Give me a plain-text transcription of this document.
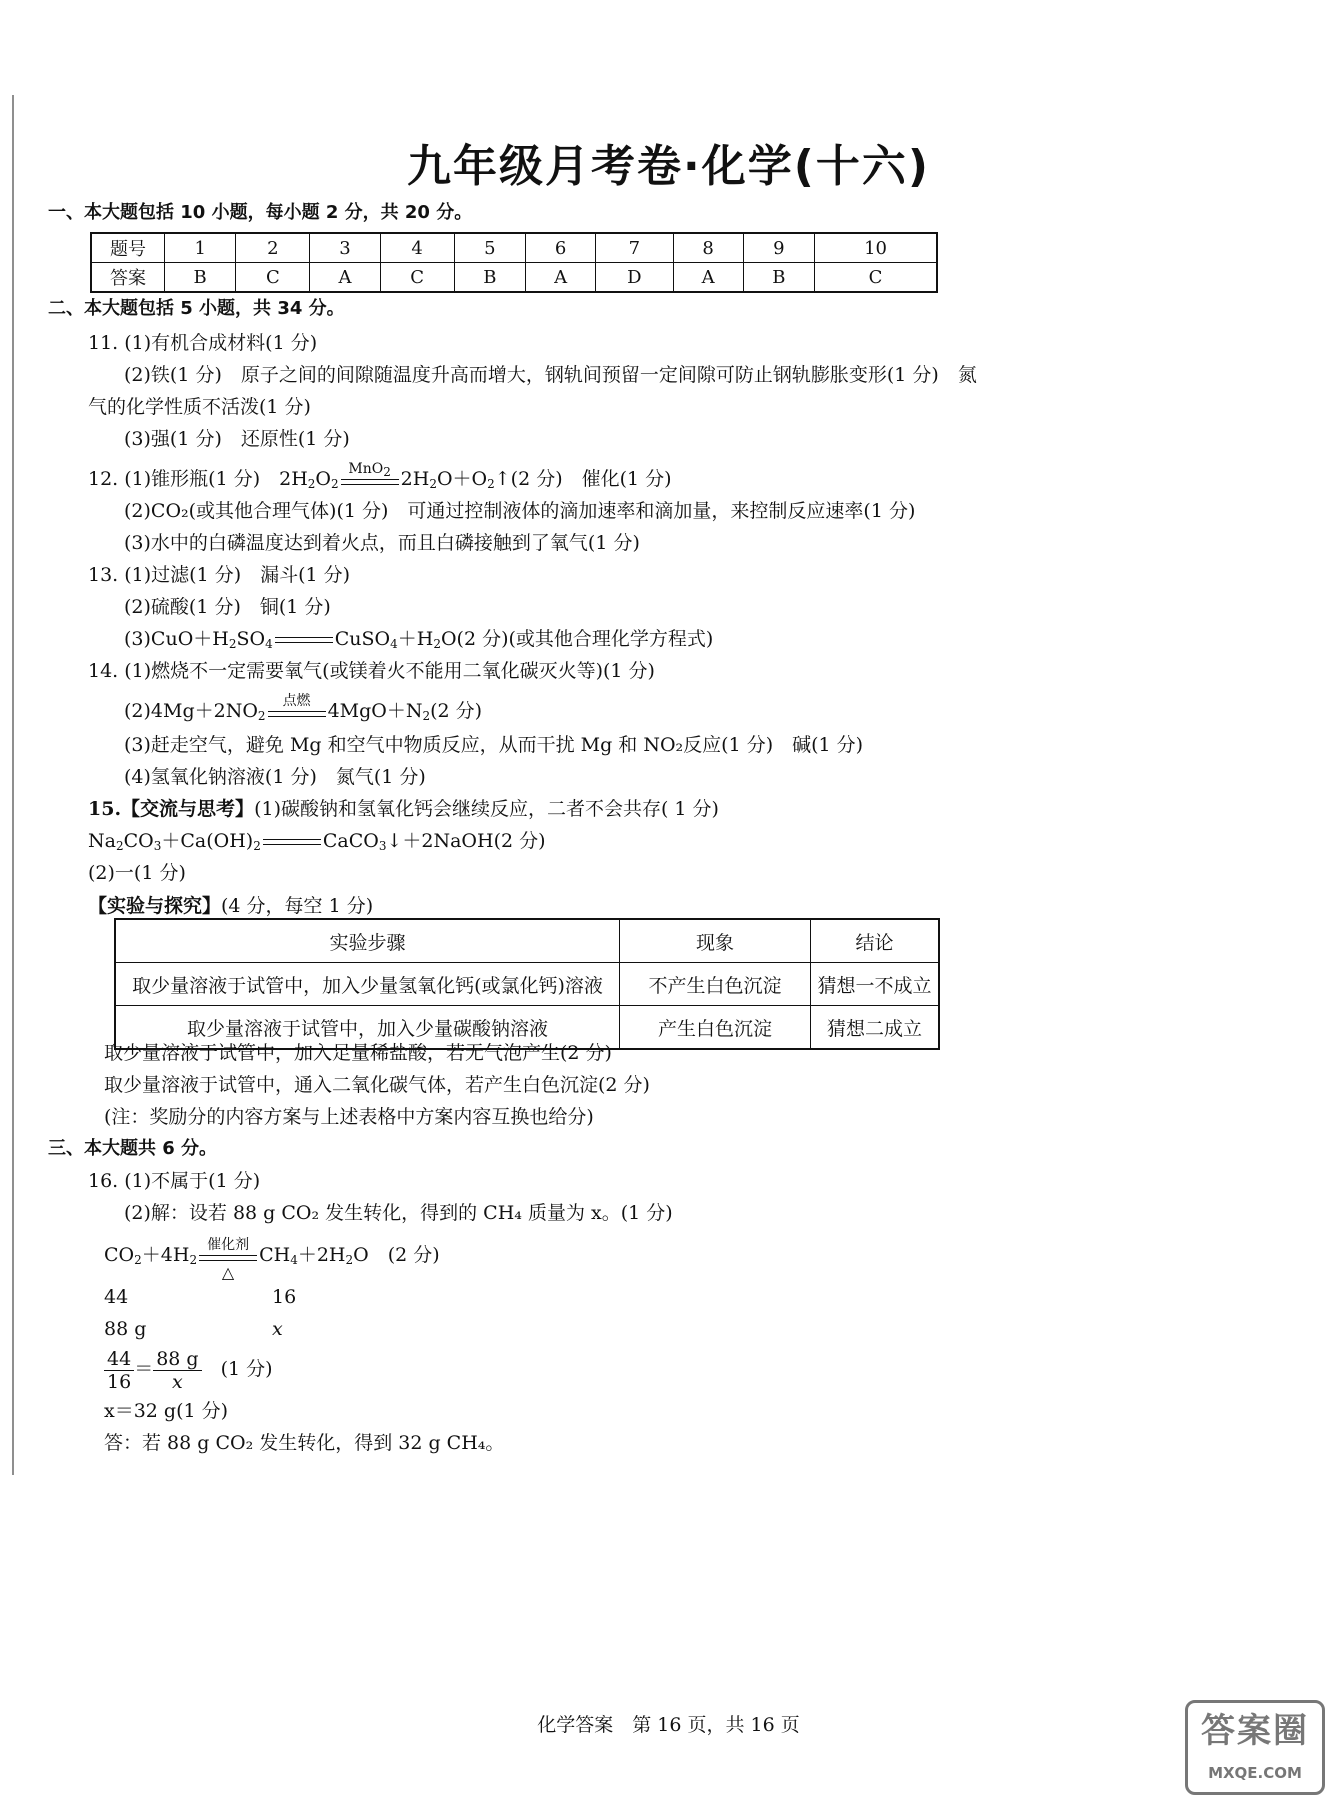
九年级月考卷·化学(十六)
一、本大题包括 10 小题，每小题 2 分，共 20 分。
题号	1	2	3	4	5	6	7	8	9	10
答案	B	C	A	C	B	A	D	A	B	C
二、本大题包括 5 小题，共 34 分。
11. (1)有机合成材料(1 分)
(2)铁(1 分)　原子之间的间隙随温度升高而增大，钢轨间预留一定间隙可防止钢轨膨胀变形(1 分)　氮
气的化学性质不活泼(1 分)
(3)强(1 分)　还原性(1 分)
12. (1)锥形瓶(1 分)　$2H_2O_2$
MnO$_2$ $2H_2O+O_2↑(2$ 分)　催化(1 分)
(2)CO₂(或其他合理气体)(1 分)　可通过控制液体的滴加速率和滴加量，来控制反应速率(1 分)
(3)水中的白磷温度达到着火点，而且白磷接触到了氧气(1 分)
13. (1)过滤(1 分)　漏斗(1 分)
(2)硫酸(1 分)　铜(1 分)
$(3)CuO+H_2SO_4$	$CuSO_4+H_2O(2$ 分)(或其他合理化学方程式)
14. (1)燃烧不一定需要氧气(或镁着火不能用二氧化碳灭火等)(1 分)
$(2)4Mg+2NO_2$
点燃 $4MgO+N_2(2$ 分)
(3)赶走空气，避免 Mg 和空气中物质反应，从而干扰 Mg 和 NO₂反应(1 分)　碱(1 分)
(4)氢氧化钠溶液(1 分)　氮气(1 分)
15.【交流与思考】(1)碳酸钠和氢氧化钙会继续反应，二者不会共存( 1 分)
$Na_2CO_3+Ca(OH)_2$	CaCO$_3$↓＋2NaOH(2 分)
(2)一(1 分)
【实验与探究】(4 分，每空 1 分)
实验步骤	现象	结论
取少量溶液于试管中，加入少量氢氧化钙(或氯化钙)溶液	不产生白色沉淀	猜想一不成立
取少量溶液于试管中，加入少量碳酸钠溶液	产生白色沉淀	猜想二成立
取少量溶液于试管中，加入足量稀盐酸，若无气泡产生(2 分)
取少量溶液于试管中，通入二氧化碳气体，若产生白色沉淀(2 分)
(注：奖励分的内容方案与上述表格中方案内容互换也给分)
三、本大题共 6 分。
16. (1)不属于(1 分)
(2)解：设若 88 g CO₂ 发生转化，得到的 CH₄ 质量为 x。(1 分)
$CO_2+4H_2$
催化剂
△
$CH_4+2H_2O$　(2 分)
44	16
88 g	x
$\frac{44}{16} = \frac{88 g}{x}$
　 (1 分)
x＝32 g(1 分)
答：若 88 g CO₂ 发生转化，得到 32 g CH₄。
化学答案　第 16 页，共 16 页	答案圈
MXQE.COM
